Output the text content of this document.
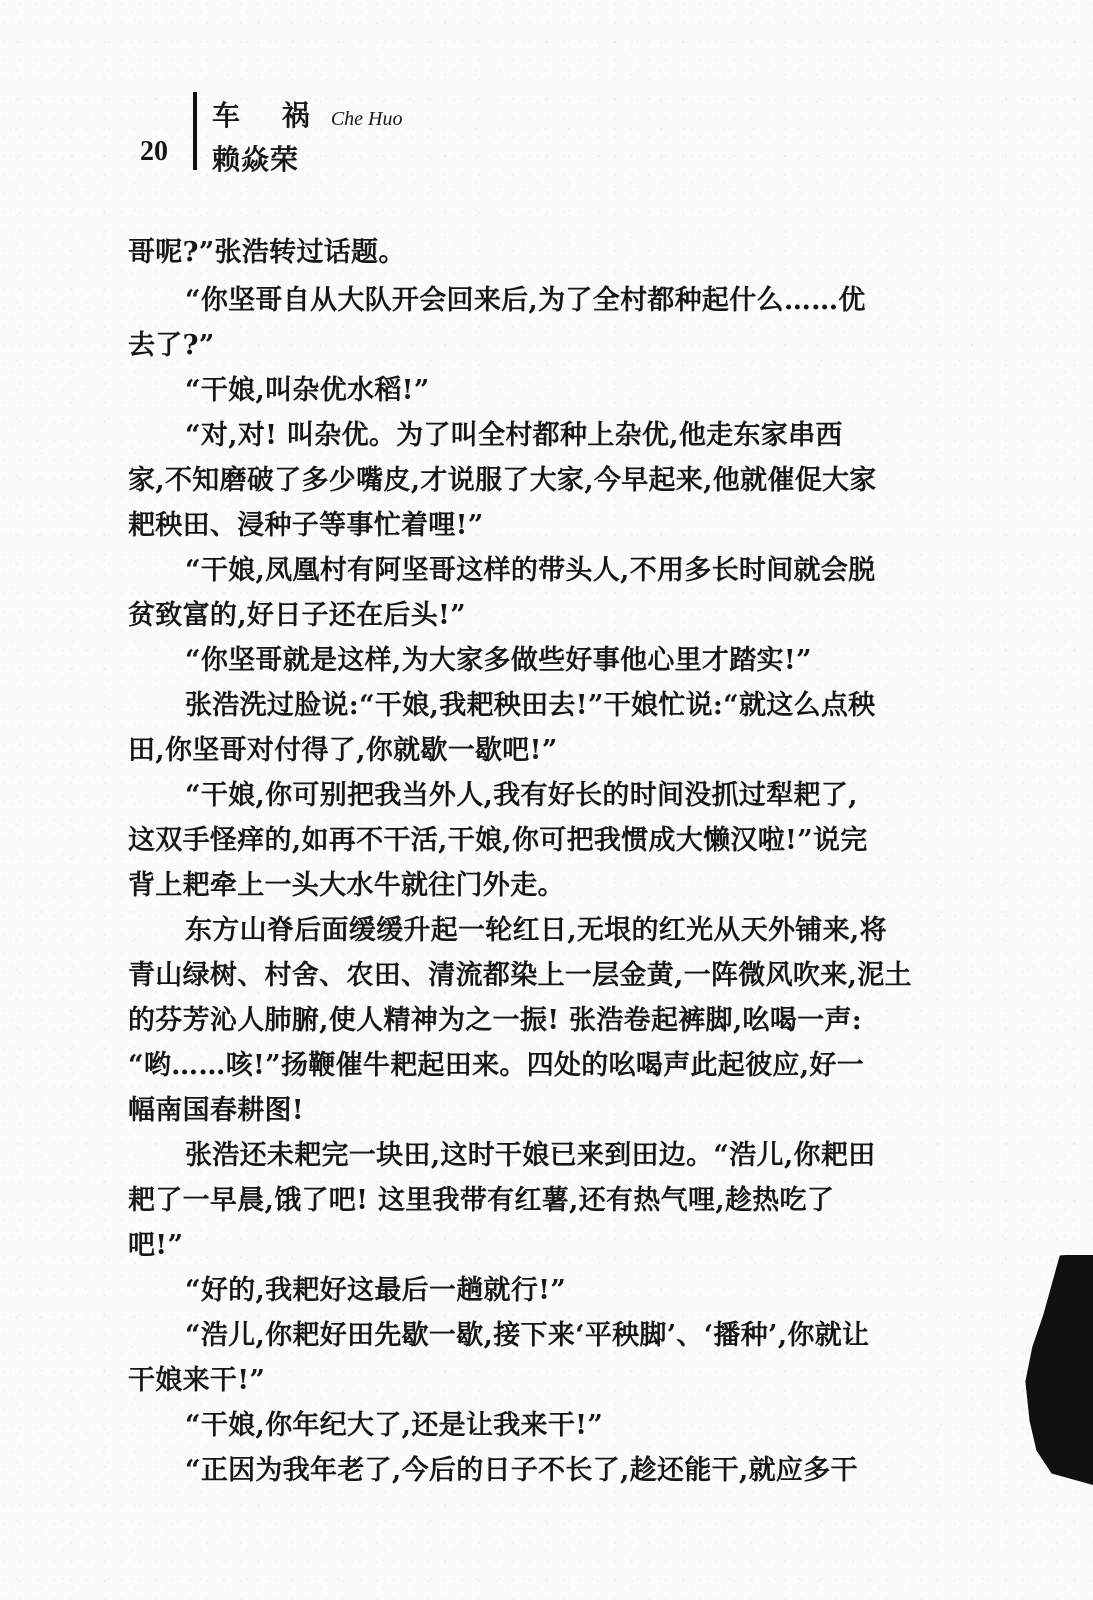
20
车 祸 Che Huo
赖焱荣
哥呢?”张浩转过话题。
“你坚哥自从大队开会回来后,为了全村都种起什么……优
去了?”
“干娘,叫杂优水稻!”
“对,对! 叫杂优。为了叫全村都种上杂优,他走东家串西
家,不知磨破了多少嘴皮,才说服了大家,今早起来,他就催促大家
耙秧田、浸种子等事忙着哩!”
“干娘,凤凰村有阿坚哥这样的带头人,不用多长时间就会脱
贫致富的,好日子还在后头!”
“你坚哥就是这样,为大家多做些好事他心里才踏实!”
张浩洗过脸说:“干娘,我耙秧田去!”干娘忙说:“就这么点秧
田,你坚哥对付得了,你就歇一歇吧!”
“干娘,你可别把我当外人,我有好长的时间没抓过犁耙了,
这双手怪痒的,如再不干活,干娘,你可把我惯成大懒汉啦!”说完
背上耙牵上一头大水牛就往门外走。
东方山脊后面缓缓升起一轮红日,无垠的红光从天外铺来,将
青山绿树、村舍、农田、清流都染上一层金黄,一阵微风吹来,泥土
的芬芳沁人肺腑,使人精神为之一振! 张浩卷起裤脚,吆喝一声:
“哟……咳!”扬鞭催牛耙起田来。四处的吆喝声此起彼应,好一
幅南国春耕图!
张浩还未耙完一块田,这时干娘已来到田边。“浩儿,你耙田
耙了一早晨,饿了吧! 这里我带有红薯,还有热气哩,趁热吃了
吧!”
“好的,我耙好这最后一趟就行!”
“浩儿,你耙好田先歇一歇,接下来‘平秧脚’、‘播种’,你就让
干娘来干!”
“干娘,你年纪大了,还是让我来干!”
“正因为我年老了,今后的日子不长了,趁还能干,就应多干
